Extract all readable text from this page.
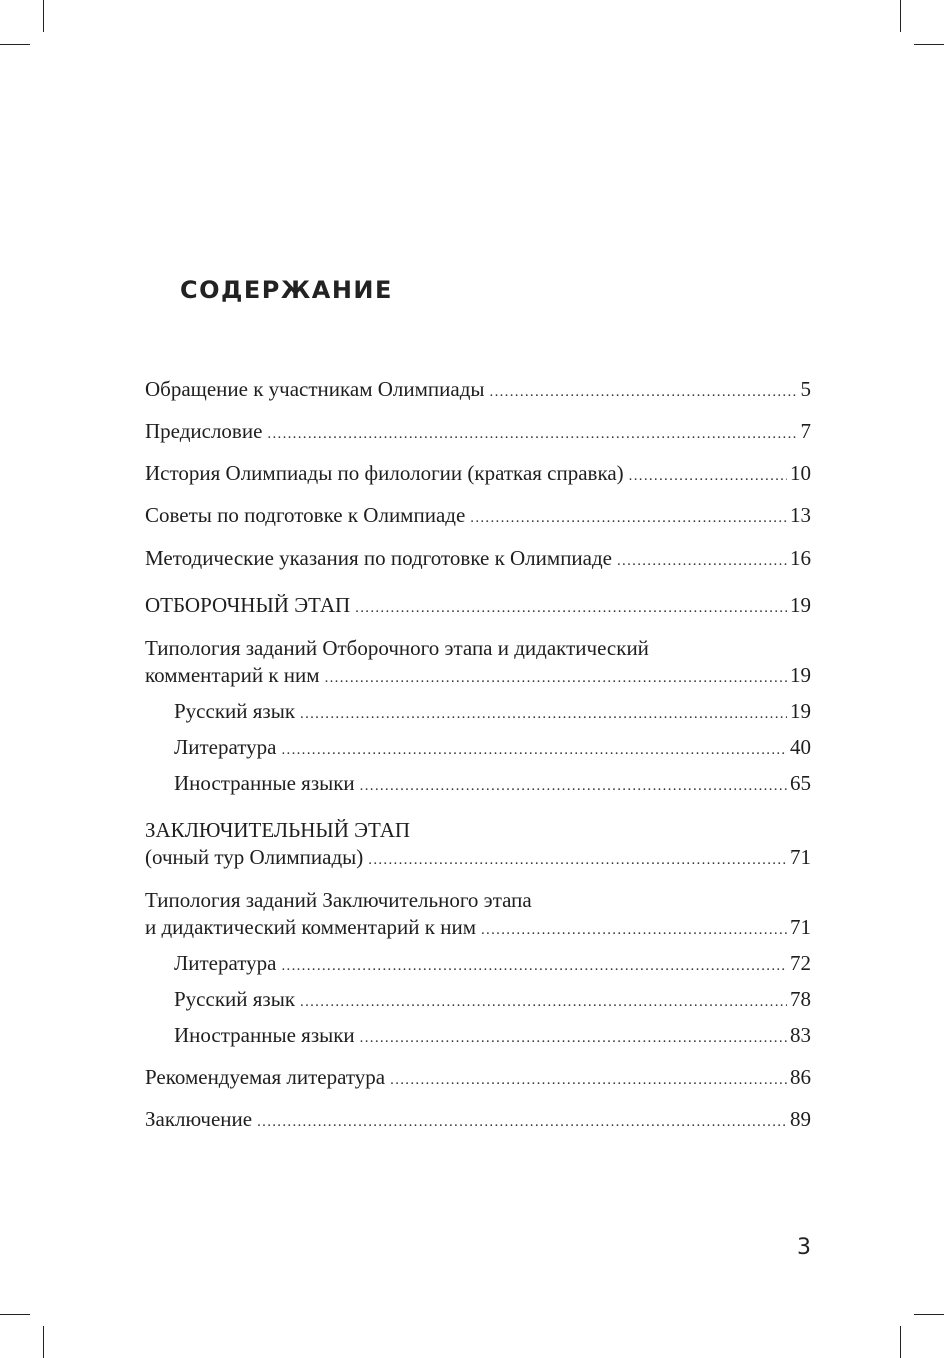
СОДЕРЖАНИЕ
Обращение к участникам Олимпиады .....	5
Предисловие .....	7
История Олимпиады по филологии (краткая справка) .....	10
Советы по подготовке к Олимпиаде .....	13
Методические указания по подготовке к Олимпиаде .....	16
ОТБОРОЧНЫЙ ЭТАП .....	19
Типология заданий Отборочного этапа и дидактический
комментарий к ним .....	19
Русский язык .....	19
Литература .....	40
Иностранные языки .....	65
ЗАКЛЮЧИТЕЛЬНЫЙ ЭТАП
(очный тур Олимпиады) .....	71
Типология заданий Заключительного этапа
и дидактический комментарий к ним .....	71
Литература .....	72
Русский язык .....	78
Иностранные языки .....	83
Рекомендуемая литература .....	86
Заключение .....	89
3
